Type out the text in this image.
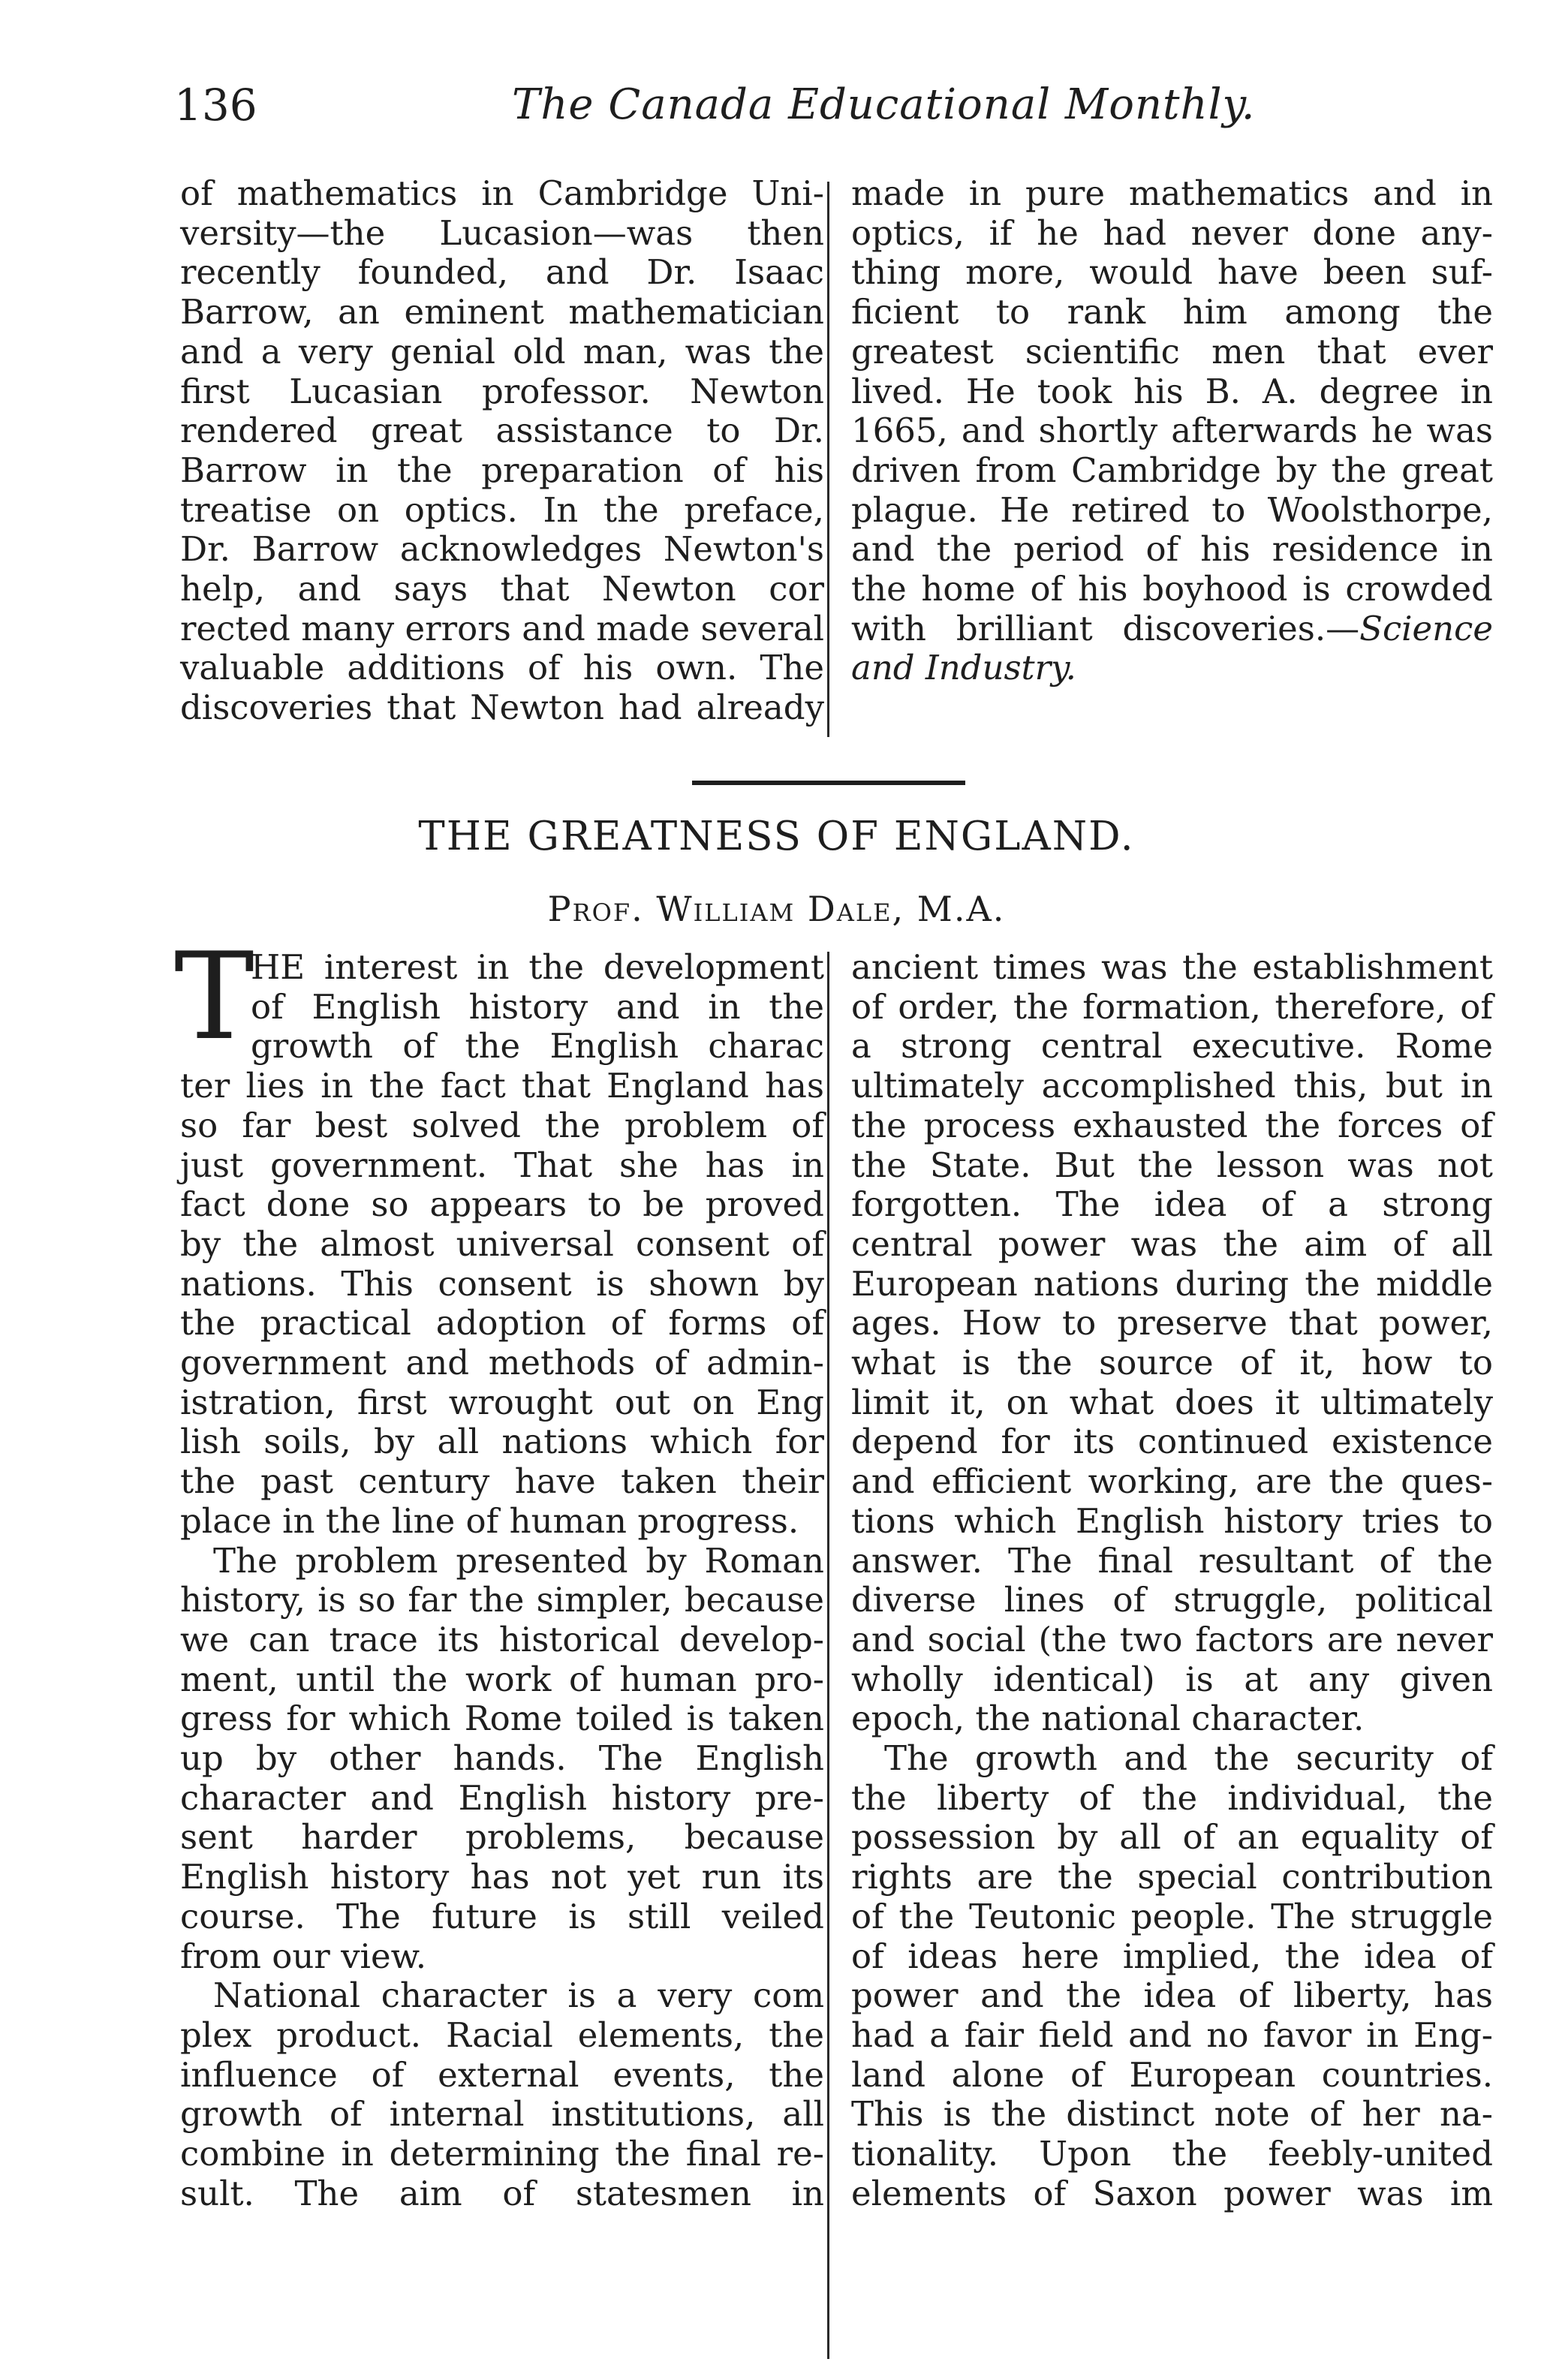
136	The Canada Educational Monthly.
of mathematics in Cambridge Uni-
versity—the Lucasion—was then
recently founded, and Dr. Isaac
Barrow, an eminent mathematician
and a very genial old man, was the
first Lucasian professor. Newton
rendered great assistance to Dr.
Barrow in the preparation of his
treatise on optics. In the preface,
Dr. Barrow acknowledges Newton's
help, and says that Newton cor
rected many errors and made several
valuable additions of his own. The
discoveries that Newton had already
made in pure mathematics and in
optics, if he had never done any-
thing more, would have been suf-
ficient to rank him among the
greatest scientific men that ever
lived. He took his B. A. degree in
1665, and shortly afterwards he was
driven from Cambridge by the great
plague. He retired to Woolsthorpe,
and the period of his residence in
the home of his boyhood is crowded
with brilliant discoveries.—Science
and Industry.
THE GREATNESS OF ENGLAND.
Prof. William Dale, M.A.
T
HE interest in the development
of English history and in the
growth of the English charac
ter lies in the fact that England has
so far best solved the problem of
just government. That she has in
fact done so appears to be proved
by the almost universal consent of
nations. This consent is shown by
the practical adoption of forms of
government and methods of admin-
istration, first wrought out on Eng
lish soils, by all nations which for
the past century have taken their
place in the line of human progress.
The problem presented by Roman
history, is so far the simpler, because
we can trace its historical develop-
ment, until the work of human pro-
gress for which Rome toiled is taken
up by other hands. The English
character and English history pre-
sent harder problems, because
English history has not yet run its
course. The future is still veiled
from our view.
National character is a very com
plex product. Racial elements, the
influence of external events, the
growth of internal institutions, all
combine in determining the final re-
sult. The aim of statesmen in
ancient times was the establishment
of order, the formation, therefore, of
a strong central executive. Rome
ultimately accomplished this, but in
the process exhausted the forces of
the State. But the lesson was not
forgotten. The idea of a strong
central power was the aim of all
European nations during the middle
ages. How to preserve that power,
what is the source of it, how to
limit it, on what does it ultimately
depend for its continued existence
and efficient working, are the ques-
tions which English history tries to
answer. The final resultant of the
diverse lines of struggle, political
and social (the two factors are never
wholly identical) is at any given
epoch, the national character.
The growth and the security of
the liberty of the individual, the
possession by all of an equality of
rights are the special contribution
of the Teutonic people. The struggle
of ideas here implied, the idea of
power and the idea of liberty, has
had a fair field and no favor in Eng-
land alone of European countries.
This is the distinct note of her na-
tionality. Upon the feebly-united
elements of Saxon power was im
